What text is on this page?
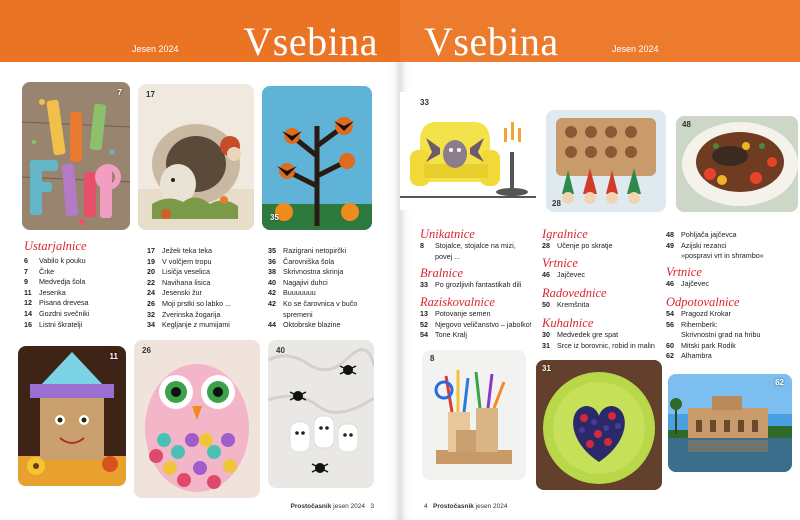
Jesen 2024 Vsebina
7	17
35
Ustarjalnice
6	Vabilo k pouku
7	Črke
9	Medvedja šola
11	Jesenka
12 Pisana drevesa
14 Gozdni svečniki
16 Listni škratelji
17 Ježek teka teka
19 V volčjem tropu
20 Lisičja veselica
22 Navihana lisica
24 Jesenski žur
26 Moji prstki so labko ...
32 Zverinska žogarija
34 Kegljanje z mumijami
35 Razigrani netopirčki
36 Čarovniška šola
38 Skrivnostna skrinja
40 Nagajivi duhci
42 Buuuuuuu
42 Ko se čarovnica v bučo
spremeni
44 Oktobrske blazine
11
26	40
Prostočasnik jesen 2024 3
Vsebina	Jesen 2024
33
28
48
Unikatnice
8	Stojalce, stojalce na mizi,
povej ...
Bralnice
33 Po grozljivih fantastikah dili
Raziskovalnice
13 Potovanje semen
52 Njegovo veličanstvo – jabolko!
54 Tone Kralj
Igralnice
28 Učenje po skratje
Vrtnice
46 Jajčevec
Radovednice
50 Kremšnita
Kuhalnice
30 Medvedek gre spat
31 Srce iz borovnic, robid in malin
48 Pohljača jajčevca
49 Azijski rezanci
»pospravi vrt in shrambo«
Vrtnice
46 Jajčevec
Odpotovalnice
54 Pragozd Krokar
56 Rihemberk:
Skrivnostni grad na hribu
60 Mitski park Rodik
62 Alhambra
8
31
62
4 Prostočasnik jesen 2024
